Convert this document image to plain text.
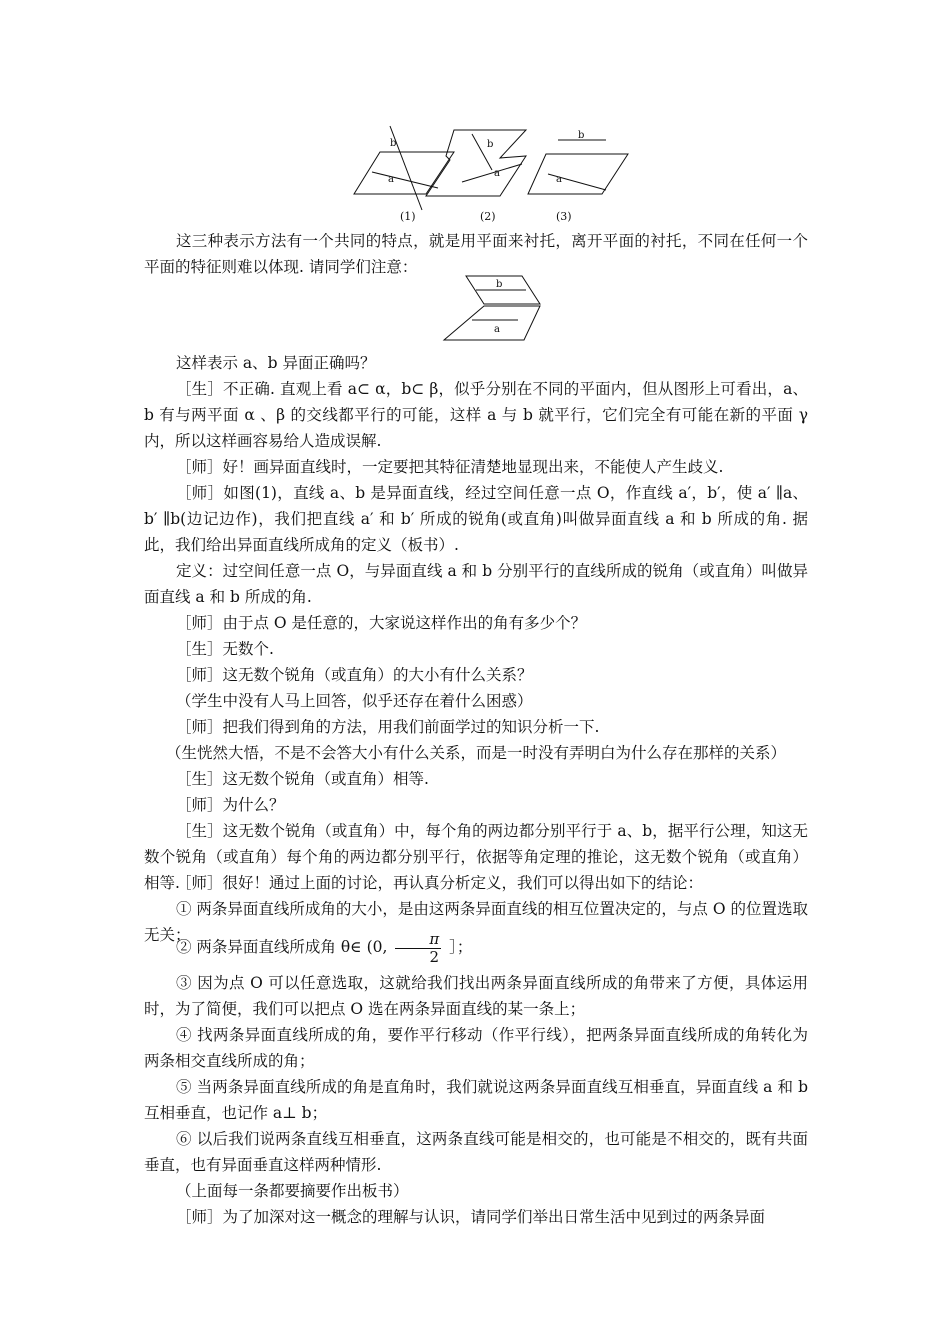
b
a
b
a
b
a
(1)	(2)	(3)

这三种表示方法有一个共同的特点，就是用平面来衬托，离开平面的衬托，不同在任何一个平面的特征则难以体现. 请同学们注意：

b
a

这样表示 a、b 异面正确吗？

［生］不正确. 直观上看 a⊂ α，b⊂ β，似乎分别在不同的平面内，但从图形上可看出，a、b 有与两平面 α 、β 的交线都平行的可能，这样 a 与 b 就平行，它们完全有可能在新的平面 γ 内，所以这样画容易给人造成误解.

［师］好！画异面直线时，一定要把其特征清楚地显现出来，不能使人产生歧义.

［师］如图(1)，直线 a、b 是异面直线，经过空间任意一点 O，作直线 a′，b′，使 a′ ∥a、b′ ∥b(边记边作)，我们把直线 a′ 和 b′ 所成的锐角(或直角)叫做异面直线 a 和 b 所成的角. 据此，我们给出异面直线所成角的定义（板书）.

定义：过空间任意一点 O，与异面直线 a 和 b 分别平行的直线所成的锐角（或直角）叫做异面直线 a 和 b 所成的角.

［师］由于点 O 是任意的，大家说这样作出的角有多少个？

［生］无数个.

［师］这无数个锐角（或直角）的大小有什么关系？

（学生中没有人马上回答，似乎还存在着什么困惑）

［师］把我们得到角的方法，用我们前面学过的知识分析一下.

（生恍然大悟，不是不会答大小有什么关系，而是一时没有弄明白为什么存在那样的关系）

［生］这无数个锐角（或直角）相等.

［师］为什么？

［生］这无数个锐角（或直角）中，每个角的两边都分别平行于 a、b，据平行公理，知这无数个锐角（或直角）每个角的两边都分别平行，依据等角定理的推论，这无数个锐角（或直角）相等.

［师］很好！通过上面的讨论，再认真分析定义，我们可以得出如下的结论：

① 两条异面直线所成角的大小，是由这两条异面直线的相互位置决定的，与点 O 的位置选取无关；

② 两条异面直线所成角 θ∈ (0, $\frac{\pi}{2}$ ］；

③ 因为点 O 可以任意选取，这就给我们找出两条异面直线所成的角带来了方便，具体运用时，为了简便，我们可以把点 O 选在两条异面直线的某一条上；

④ 找两条异面直线所成的角，要作平行移动（作平行线），把两条异面直线所成的角转化为两条相交直线所成的角；

⑤ 当两条异面直线所成的角是直角时，我们就说这两条异面直线互相垂直，异面直线 a 和 b 互相垂直，也记作 a⊥ b；

⑥ 以后我们说两条直线互相垂直，这两条直线可能是相交的，也可能是不相交的，既有共面垂直，也有异面垂直这样两种情形.

（上面每一条都要摘要作出板书）

［师］为了加深对这一概念的理解与认识，请同学们举出日常生活中见到过的两条异面
